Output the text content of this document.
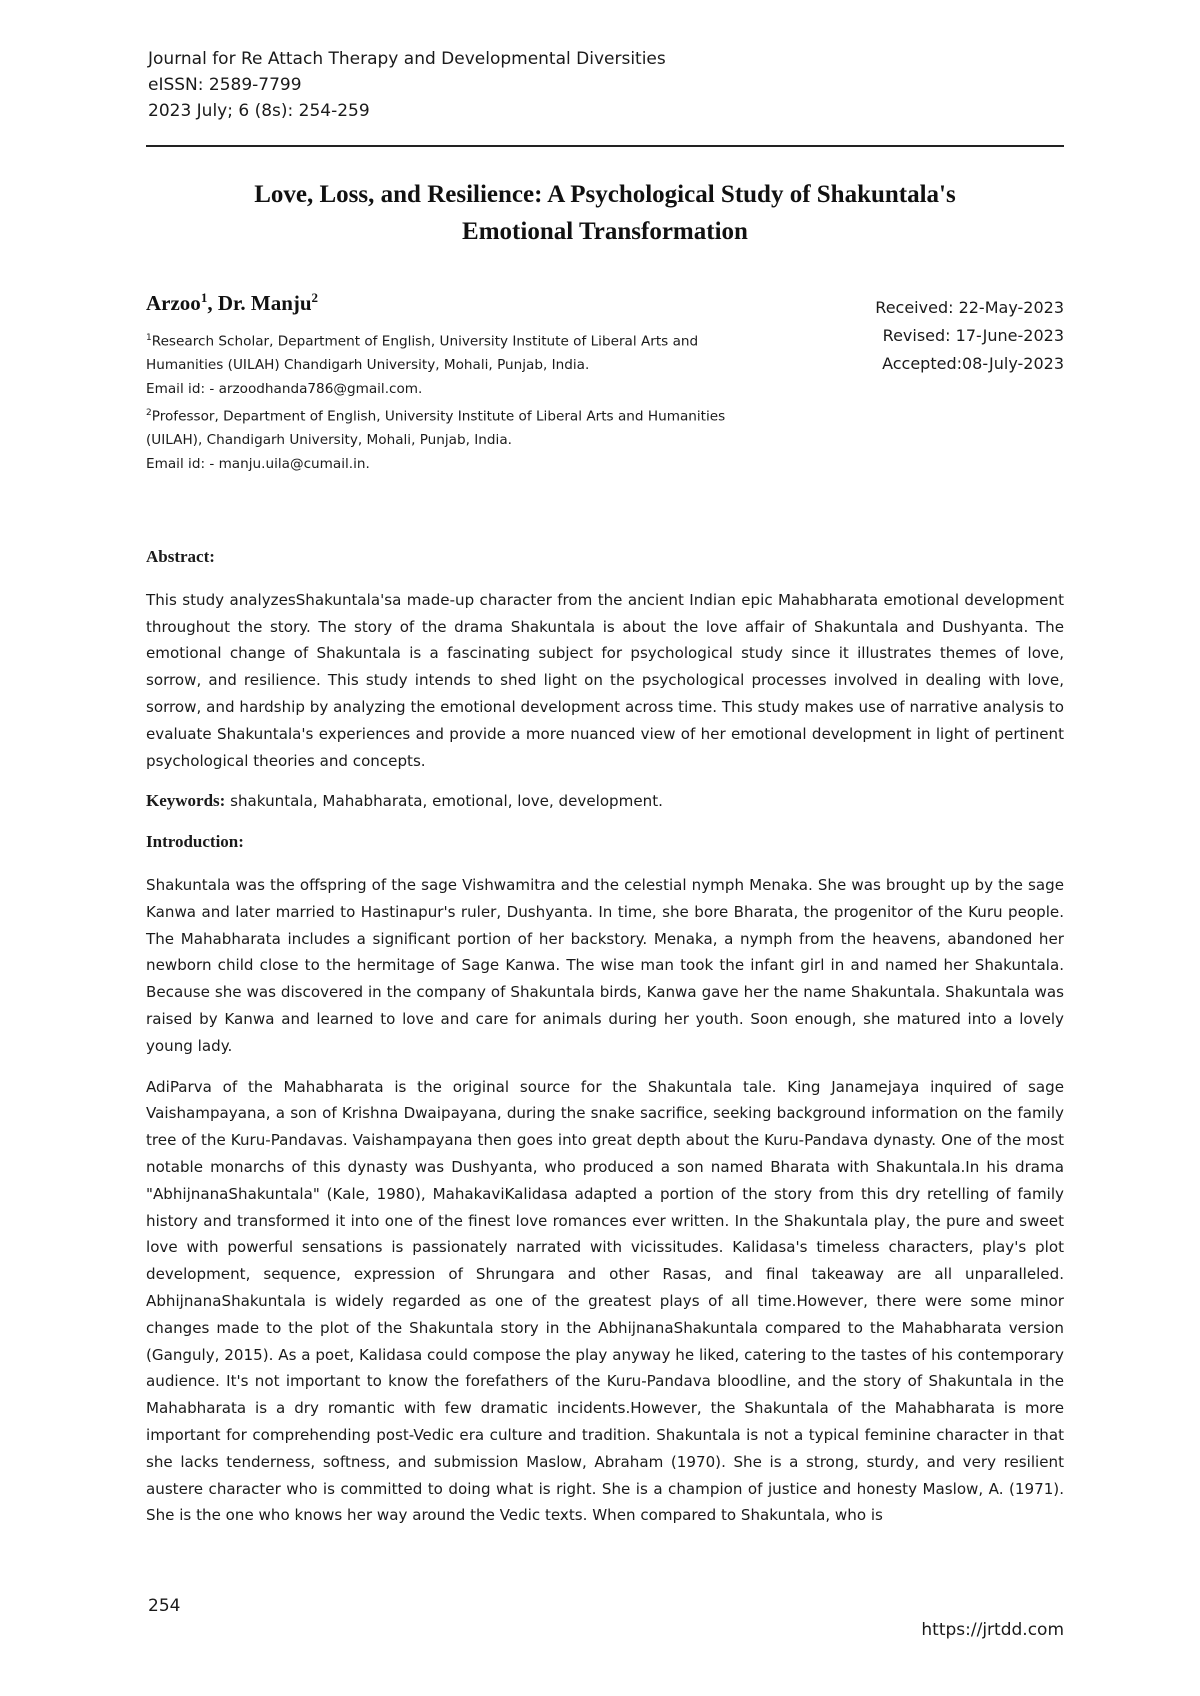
Journal for Re Attach Therapy and Developmental Diversities
eISSN: 2589-7799
2023 July; 6 (8s): 254-259
Love, Loss, and Resilience: A Psychological Study of Shakuntala's
Emotional Transformation
Arzoo$^1$, Dr. Manju$^2$
$^1$Research Scholar, Department of English, University Institute of Liberal Arts and
Humanities (UILAH) Chandigarh University, Mohali, Punjab, India.
Email id: - arzoodhanda786@gmail.com.
$^2$Professor, Department of English, University Institute of Liberal Arts and Humanities
(UILAH), Chandigarh University, Mohali, Punjab, India.
Email id: - manju.uila@cumail.in.
Received: 22-May-2023
Revised: 17-June-2023
Accepted:08-July-2023

Abstract:

This study analyzesShakuntala'sa made-up character from the ancient Indian epic Mahabharata emotional development throughout the story. The story of the drama Shakuntala is about the love affair of Shakuntala and Dushyanta. The emotional change of Shakuntala is a fascinating subject for psychological study since it illustrates themes of love, sorrow, and resilience. This study intends to shed light on the psychological processes involved in dealing with love, sorrow, and hardship by analyzing the emotional development across time. This study makes use of narrative analysis to evaluate Shakuntala's experiences and provide a more nuanced view of her emotional development in light of pertinent psychological theories and concepts.

Keywords: shakuntala, Mahabharata, emotional, love, development.

Introduction:

Shakuntala was the offspring of the sage Vishwamitra and the celestial nymph Menaka. She was brought up by the sage Kanwa and later married to Hastinapur's ruler, Dushyanta. In time, she bore Bharata, the progenitor of the Kuru people. The Mahabharata includes a significant portion of her backstory. Menaka, a nymph from the heavens, abandoned her newborn child close to the hermitage of Sage Kanwa. The wise man took the infant girl in and named her Shakuntala. Because she was discovered in the company of Shakuntala birds, Kanwa gave her the name Shakuntala. Shakuntala was raised by Kanwa and learned to love and care for animals during her youth. Soon enough, she matured into a lovely young lady.

AdiParva of the Mahabharata is the original source for the Shakuntala tale. King Janamejaya inquired of sage Vaishampayana, a son of Krishna Dwaipayana, during the snake sacrifice, seeking background information on the family tree of the Kuru-Pandavas. Vaishampayana then goes into great depth about the Kuru-Pandava dynasty. One of the most notable monarchs of this dynasty was Dushyanta, who produced a son named Bharata with Shakuntala.In his drama "AbhijnanaShakuntala" (Kale, 1980), MahakaviKalidasa adapted a portion of the story from this dry retelling of family history and transformed it into one of the finest love romances ever written. In the Shakuntala play, the pure and sweet love with powerful sensations is passionately narrated with vicissitudes. Kalidasa's timeless characters, play's plot development, sequence, expression of Shrungara and other Rasas, and final takeaway are all unparalleled. AbhijnanaShakuntala is widely regarded as one of the greatest plays of all time.However, there were some minor changes made to the plot of the Shakuntala story in the AbhijnanaShakuntala compared to the Mahabharata version (Ganguly, 2015). As a poet, Kalidasa could compose the play anyway he liked, catering to the tastes of his contemporary audience. It's not important to know the forefathers of the Kuru-Pandava bloodline, and the story of Shakuntala in the Mahabharata is a dry romantic with few dramatic incidents.However, the Shakuntala of the Mahabharata is more important for comprehending post-Vedic era culture and tradition. Shakuntala is not a typical feminine character in that she lacks tenderness, softness, and submission Maslow, Abraham (1970). She is a strong, sturdy, and very resilient austere character who is committed to doing what is right. She is a champion of justice and honesty Maslow, A. (1971). She is the one who knows her way around the Vedic texts. When compared to Shakuntala, who is

254
https://jrtdd.com
